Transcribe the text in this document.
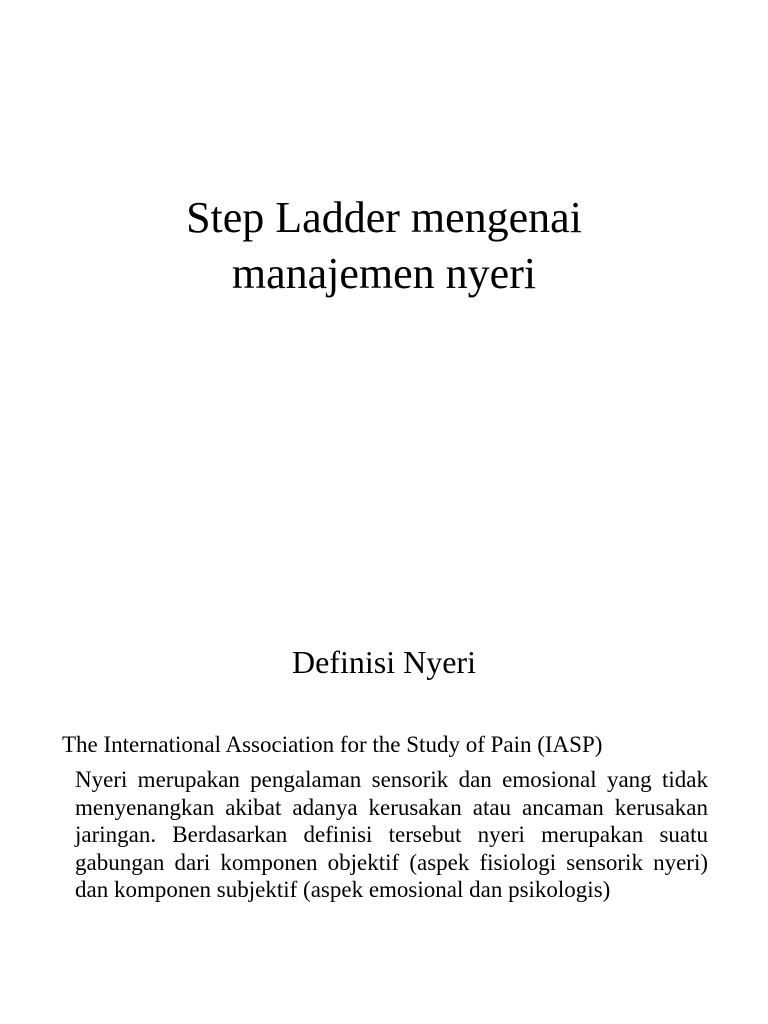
Step Ladder mengenai
manajemen nyeri
Definisi Nyeri

The International Association for the Study of Pain (IASP)

Nyeri merupakan pengalaman sensorik dan emosional yang tidak menyenangkan akibat adanya kerusakan atau ancaman kerusakan jaringan. Berdasarkan definisi tersebut nyeri merupakan suatu gabungan dari komponen objektif (aspek fisiologi sensorik nyeri) dan komponen subjektif (aspek emosional dan psikologis)
